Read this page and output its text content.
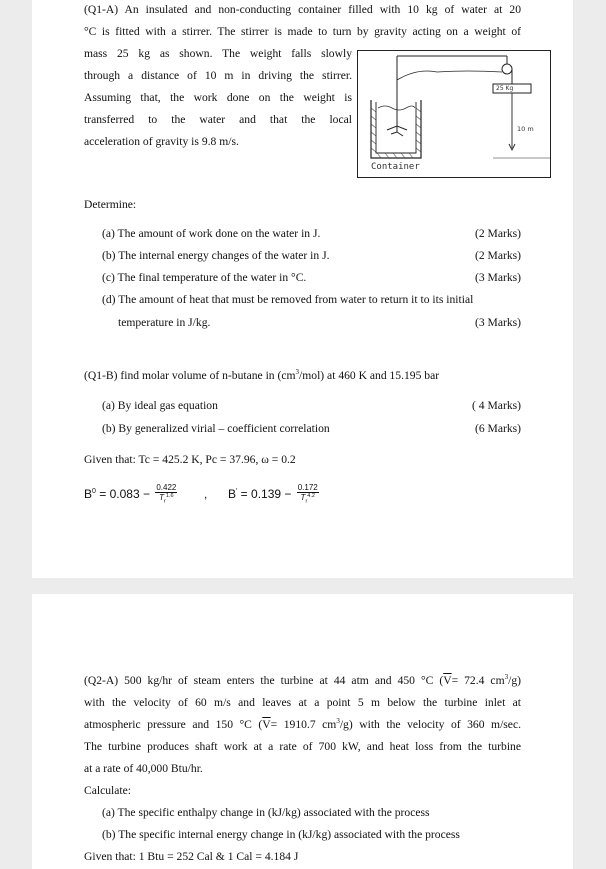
(Q1-A) An insulated and non-conducting container filled with 10 kg of water at 20
°C is fitted with a stirrer. The stirrer is made to turn by gravity acting on a weight of
mass 25 kg as shown. The weight falls slowly
through a distance of 10 m in driving the stirrer.
Assuming that, the work done on the weight is
transferred to the water and that the local
acceleration of gravity is 9.8 m/s.
25 Kg
10 m
Container
Determine:
(a) The amount of work done on the water in J.	(2 Marks)
(b) The internal energy changes of the water in J.	(2 Marks)
(c) The final temperature of the water in °C.	(3 Marks)
(d) The amount of heat that must be removed from water to return it to its initial
temperature in J/kg.	(3 Marks)
(Q1-B) find molar volume of n-butane in $(cm^3/mol)$ at 460 K and 15.195 bar
(a) By ideal gas equation	( 4 Marks)
(b) By generalized virial – coefficient correlation	(6 Marks)
Given that: Tc = 425.2 K, Pc = 37.96, ω = 0.2
$B^0 = 0.083 - \frac{0.422}{T_r^{1.6}}$ , $B' = 0.139 - \frac{0.172}{T_r^{4.2}}$
(Q2-A) 500 kg/hr of steam enters the turbine at 44 atm and 450 °C ($\overline{V}= 72.4$ $cm^3/g$)
with the velocity of 60 m/s and leaves at a point 5 m below the turbine inlet at
atmospheric pressure and 150 °C ($\overline{V}= 1910.7$ $cm^3/g$) with the velocity of 360 m/sec.
The turbine produces shaft work at a rate of 700 kW, and heat loss from the turbine
at a rate of 40,000 Btu/hr.
Calculate:
(a) The specific enthalpy change in (kJ/kg) associated with the process
(b) The specific internal energy change in (kJ/kg) associated with the process
Given that: 1 Btu = 252 Cal & 1 Cal = 4.184 J
